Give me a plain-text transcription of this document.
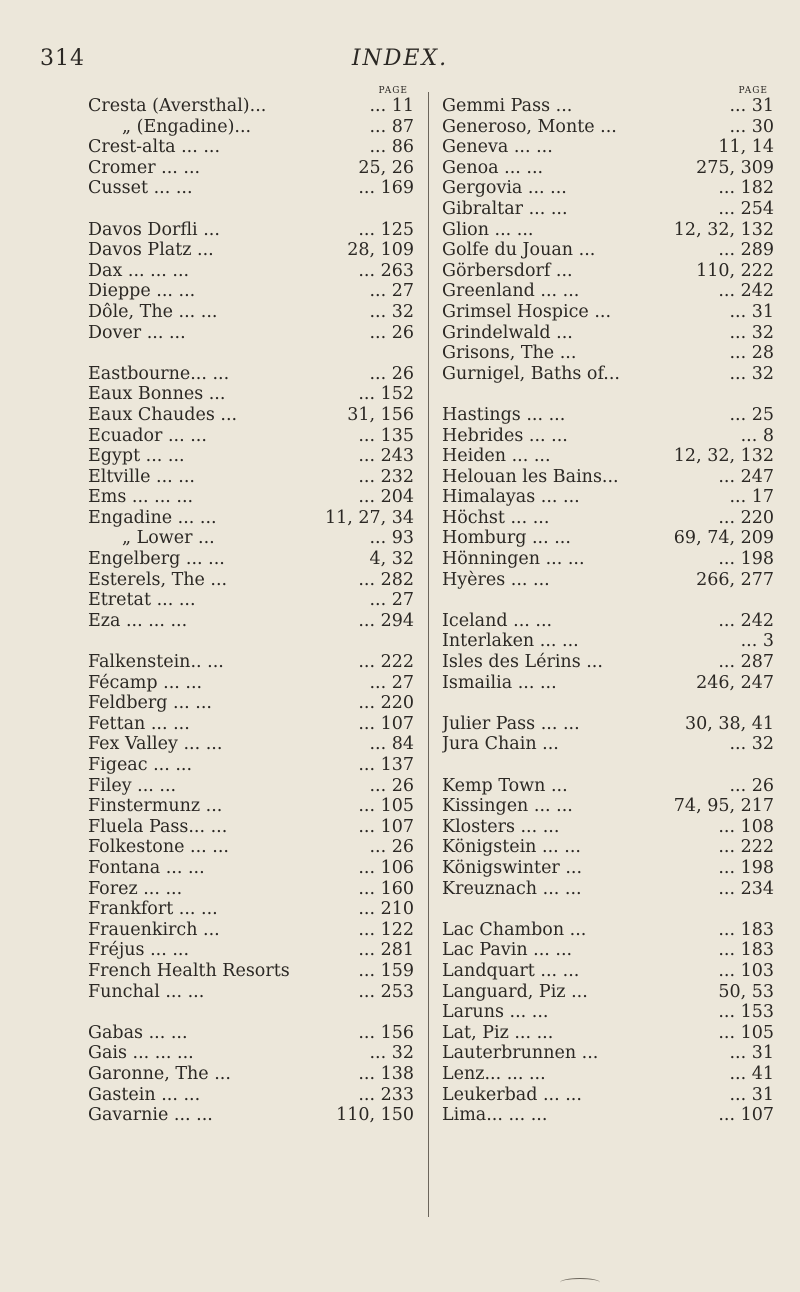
314	INDEX.
PAGE
Cresta (Aversthal)...	... 11
„ (Engadine)...	... 87
Crest-alta ... ...	... 86
Cromer ... ...	25, 26
Cusset ... ...	... 169
Davos Dorfli ...	... 125
Davos Platz ...	28, 109
Dax ... ... ...	... 263
Dieppe ... ...	... 27
Dôle, The ... ...	... 32
Dover ... ...	... 26
Eastbourne... ...	... 26
Eaux Bonnes ...	... 152
Eaux Chaudes ...	31, 156
Ecuador ... ...	... 135
Egypt ... ...	... 243
Eltville ... ...	... 232
Ems ... ... ...	... 204
Engadine ... ...	11, 27, 34
„ Lower ...	... 93
Engelberg ... ...	4, 32
Esterels, The ...	... 282
Etretat ... ...	... 27
Eza ... ... ...	... 294
Falkenstein.. ...	... 222
Fécamp ... ...	... 27
Feldberg ... ...	... 220
Fettan ... ...	... 107
Fex Valley ... ...	... 84
Figeac ... ...	... 137
Filey ... ...	... 26
Finstermunz ...	... 105
Fluela Pass... ...	... 107
Folkestone ... ...	... 26
Fontana ... ...	... 106
Forez ... ...	... 160
Frankfort ... ...	... 210
Frauenkirch ...	... 122
Fréjus ... ...	... 281
French Health Resorts	... 159
Funchal ... ...	... 253
Gabas ... ...	... 156
Gais ... ... ...	... 32
Garonne, The ...	... 138
Gastein ... ...	... 233
Gavarnie ... ...	110, 150
PAGE
Gemmi Pass ...	... 31
Generoso, Monte ...	... 30
Geneva ... ...	11, 14
Genoa ... ...	275, 309
Gergovia ... ...	... 182
Gibraltar ... ...	... 254
Glion ... ...	12, 32, 132
Golfe du Jouan ...	... 289
Görbersdorf ...	110, 222
Greenland ... ...	... 242
Grimsel Hospice ...	... 31
Grindelwald ...	... 32
Grisons, The ...	... 28
Gurnigel, Baths of...	... 32
Hastings ... ...	... 25
Hebrides ... ...	... 8
Heiden ... ...	12, 32, 132
Helouan les Bains...	... 247
Himalayas ... ...	... 17
Höchst ... ...	... 220
Homburg ... ...	69, 74, 209
Hönningen ... ...	... 198
Hyères ... ...	266, 277
Iceland ... ...	... 242
Interlaken ... ...	... 3
Isles des Lérins ...	... 287
Ismailia ... ...	246, 247
Julier Pass ... ...	30, 38, 41
Jura Chain ...	... 32
Kemp Town ...	... 26
Kissingen ... ...	74, 95, 217
Klosters ... ...	... 108
Königstein ... ...	... 222
Königswinter ...	... 198
Kreuznach ... ...	... 234
Lac Chambon ...	... 183
Lac Pavin ... ...	... 183
Landquart ... ...	... 103
Languard, Piz ...	50, 53
Laruns ... ...	... 153
Lat, Piz ... ...	... 105
Lauterbrunnen ...	... 31
Lenz... ... ...	... 41
Leukerbad ... ...	... 31
Lima... ... ...	... 107
